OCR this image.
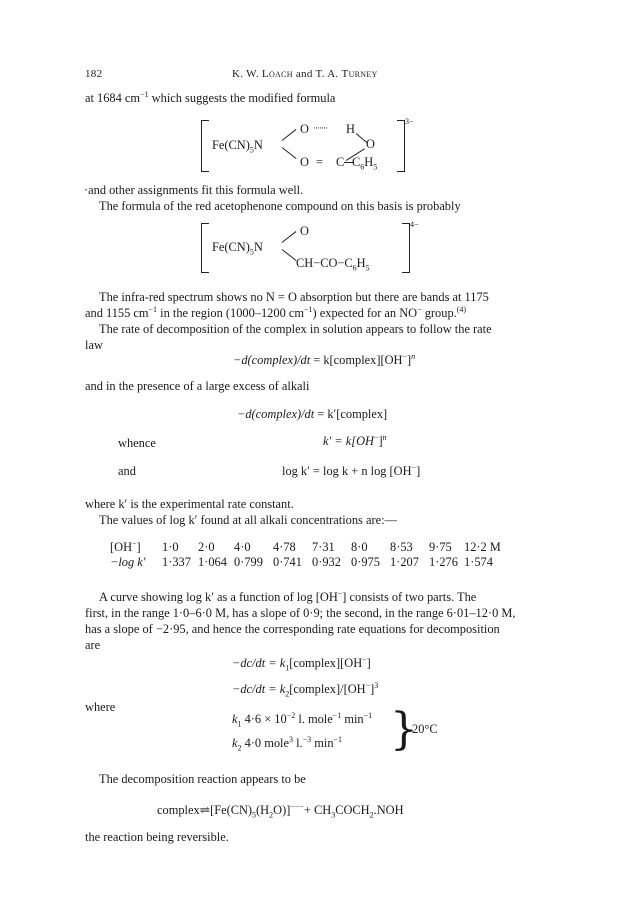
182	K. W. Loach and T. A. Turney
at 1684 $cm^{-1}$ which suggests the modified formula
3−
$Fe(CN)_5N$
O ······· H
O
O = C $C_6H_5$
·and other assignments fit this formula well.
The formula of the red acetophenone compound on this basis is probably
4−
$Fe(CN)_5N$
O
$CH-CO-C_6H_5$
The infra-red spectrum shows no N = O absorption but there are bands at 1175
and 1155 $cm^{-1}$ in the region (1000–1200 $cm^{-1}$) expected for an NO− group.$^{(4)}$
The rate of decomposition of the complex in solution appears to follow the rate
law
−d(complex)/dt = $k[complex][OH^-]^n$
and in the presence of a large excess of alkali
−d(complex)/dt = k′[complex]
whence	$k' = k[OH^-]^n$
and	log k′ = log k + n log [OH−]
where k′ is the experimental rate constant.
The values of log k′ found at all alkali concentrations are:—
[OH−]	1·0	2·0	4·0	4·78	7·31	8·0	8·53	9·75	12·2 M
−log k′	1·337	1·064	0·799	0·741	0·932	0·975	1·207	1·276	1·574
A curve showing log k′ as a function of log [OH−] consists of two parts. The
first, in the range 1·0–6·0 M, has a slope of 0·9; the second, in the range 6·01–12·0 M,
has a slope of −2·95, and hence the corresponding rate equations for decomposition
are
$-dc/dt = k_1[complex][OH^-]$
$-dc/dt = k_2[complex]/[OH^-]^3$
where
$k_1$ $4\cdot 6 \times 10^{-2}$ l. mole$^{-1}$ $\min^{-1}$
$k_2$ 4·0 mole$^3$ l.$^{-3}$ $\min^{-1}$ }
20°C
The decomposition reaction appears to be
$complex\rightleftharpoons[Fe(CN)_5(H_2O)]^{---}+$ $CH_3COCH_2.NOH$
the reaction being reversible.
